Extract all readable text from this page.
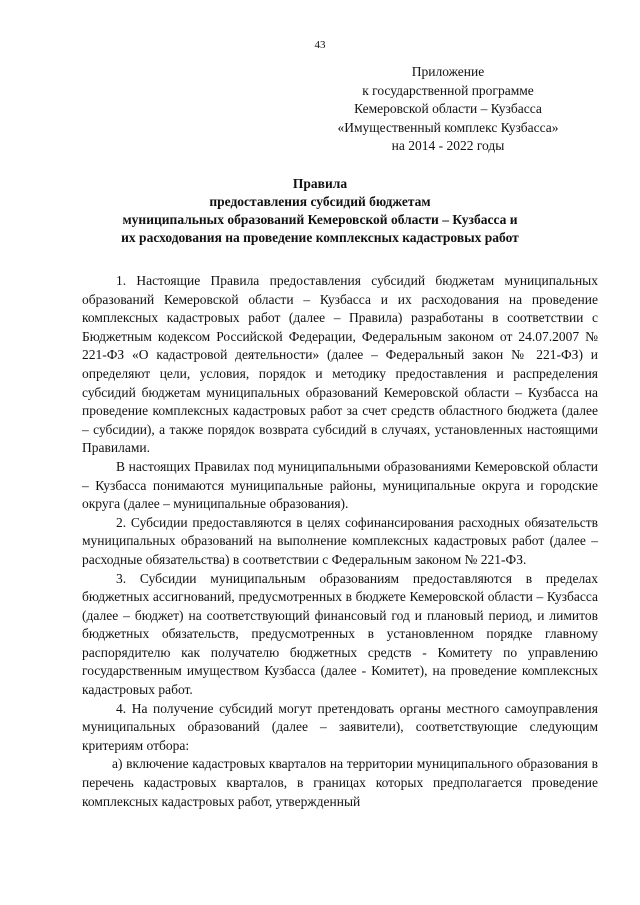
43
Приложение
к государственной программе
Кемеровской области – Кузбасса
«Имущественный комплекс Кузбасса»
на 2014 - 2022 годы
Правила
предоставления субсидий бюджетам
муниципальных образований Кемеровской области – Кузбасса и
их расходования на проведение комплексных кадастровых работ

1. Настоящие Правила предоставления субсидий бюджетам муниципальных образований Кемеровской области – Кузбасса и их расходования на проведение комплексных кадастровых работ (далее – Правила) разработаны в соответствии с Бюджетным кодексом Российской Федерации, Федеральным законом от 24.07.2007 № 221-ФЗ «О кадастровой деятельности» (далее – Федеральный закон № 221-ФЗ) и определяют цели, условия, порядок и методику предоставления и распределения субсидий бюджетам муниципальных образований Кемеровской области – Кузбасса на проведение комплексных кадастровых работ за счет средств областного бюджета (далее – субсидии), а также порядок возврата субсидий в случаях, установленных настоящими Правилами.

В настоящих Правилах под муниципальными образованиями Кемеровской области – Кузбасса понимаются муниципальные районы, муниципальные округа и городские округа (далее – муниципальные образования).

2. Субсидии предоставляются в целях софинансирования расходных обязательств муниципальных образований на выполнение комплексных кадастровых работ (далее – расходные обязательства) в соответствии с Федеральным законом № 221-ФЗ.

3. Субсидии муниципальным образованиям предоставляются в пределах бюджетных ассигнований, предусмотренных в бюджете Кемеровской области – Кузбасса (далее – бюджет) на соответствующий финансовый год и плановый период, и лимитов бюджетных обязательств, предусмотренных в установленном порядке главному распорядителю как получателю бюджетных средств - Комитету по управлению государственным имуществом Кузбасса (далее - Комитет), на проведение комплексных кадастровых работ.

4. На получение субсидий могут претендовать органы местного самоуправления муниципальных образований (далее – заявители), соответствующие следующим критериям отбора:

а) включение кадастровых кварталов на территории муниципального образования в перечень кадастровых кварталов, в границах которых предполагается проведение комплексных кадастровых работ, утвержденный
